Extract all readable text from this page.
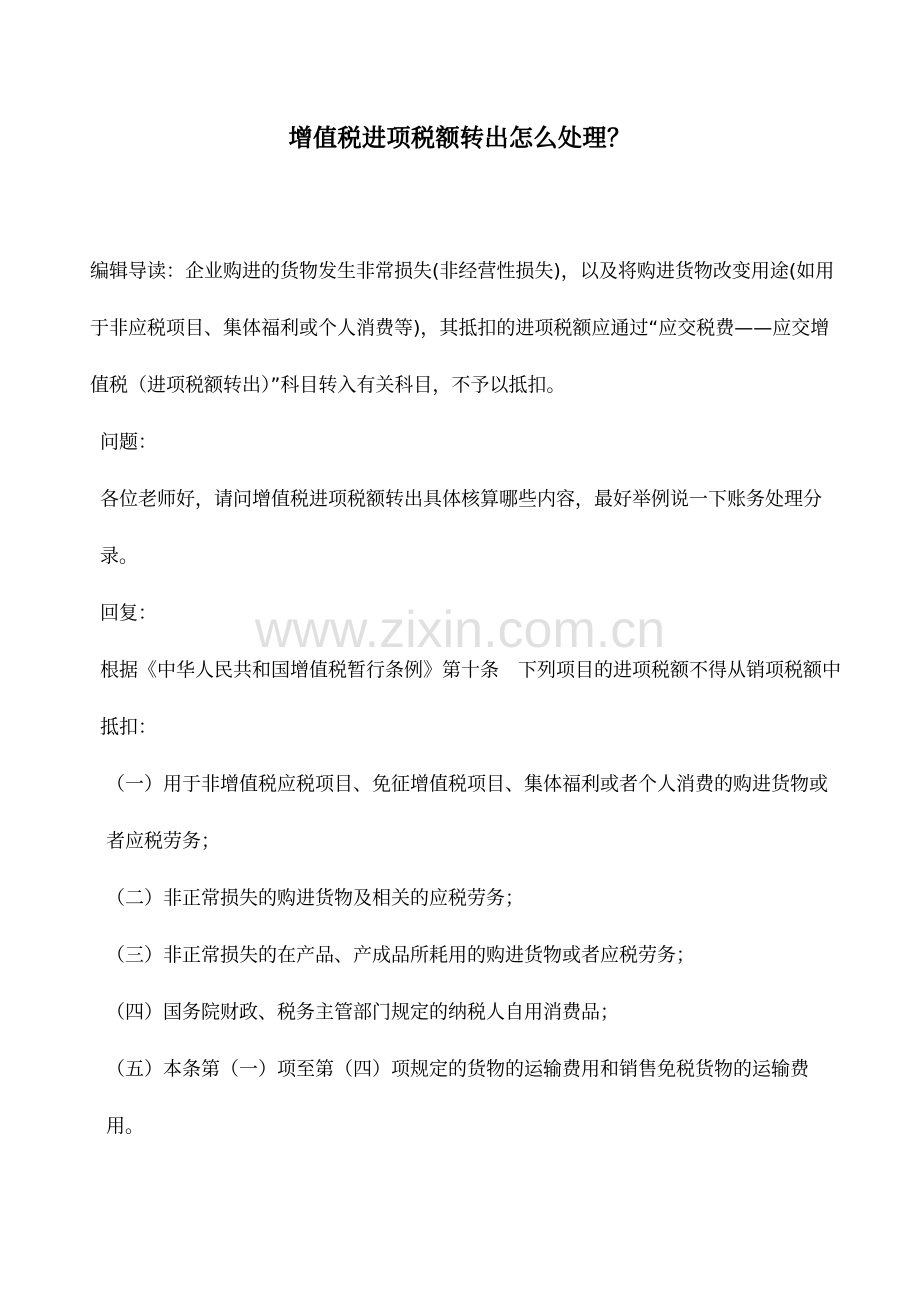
增值税进项税额转出怎么处理？
www.zixin.com.cn

编辑导读：企业购进的货物发生非常损失(非经营性损失)，以及将购进货物改变用途(如用于非应税项目、集体福利或个人消费等)，其抵扣的进项税额应通过“应交税费——应交增值税（进项税额转出）”科目转入有关科目，不予以抵扣。

问题：

各位老师好，请问增值税进项税额转出具体核算哪些内容，最好举例说一下账务处理分录。

回复：

根据《中华人民共和国增值税暂行条例》第十条　下列项目的进项税额不得从销项税额中抵扣：

（一）用于非增值税应税项目、免征增值税项目、集体福利或者个人消费的购进货物或者应税劳务；

（二）非正常损失的购进货物及相关的应税劳务；

（三）非正常损失的在产品、产成品所耗用的购进货物或者应税劳务；

（四）国务院财政、税务主管部门规定的纳税人自用消费品；

（五）本条第（一）项至第（四）项规定的货物的运输费用和销售免税货物的运输费用。
